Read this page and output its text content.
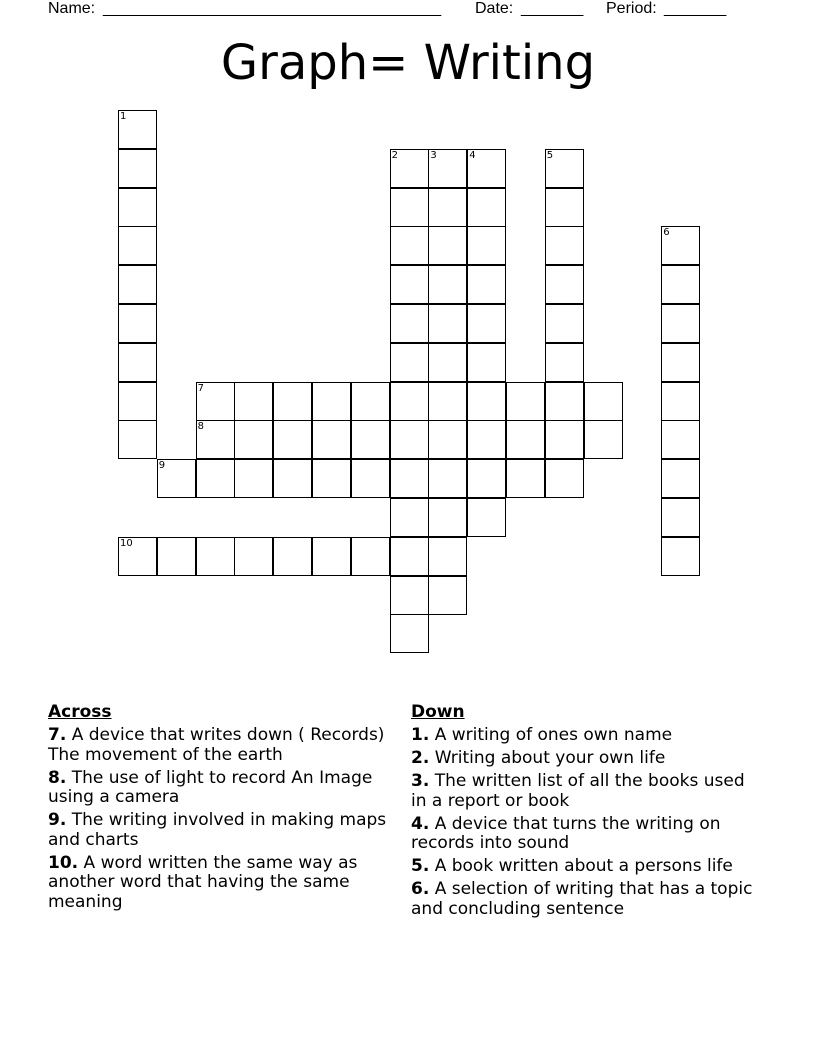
Name: ______________________________________ Date: _______ Period: _______
Graph= Writing
1
2	3	4	5
6
7
8
9
10
Across
7. A device that writes down ( Records) The movement of the earth
8. The use of light to record An Image using a camera
9. The writing involved in making maps and charts
10. A word written the same way as another word that having the same meaning
Down
1. A writing of ones own name
2. Writing about your own life
3. The written list of all the books used in a report or book
4. A device that turns the writing on records into sound
5. A book written about a persons life
6. A selection of writing that has a topic and concluding sentence
